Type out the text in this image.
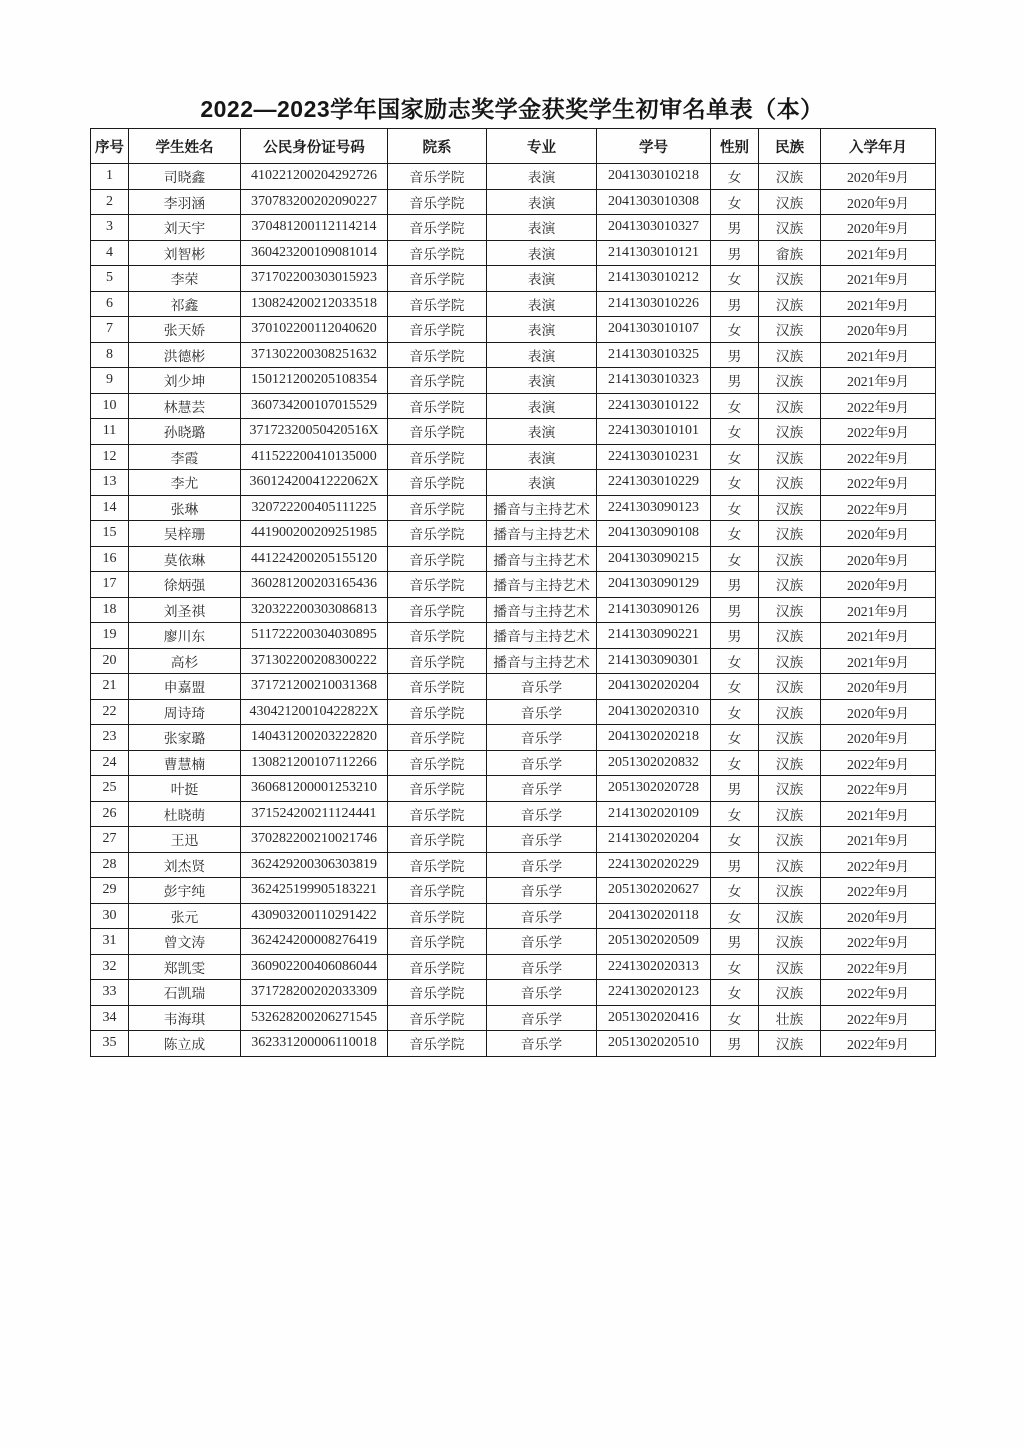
2022—2023学年国家励志奖学金获奖学生初审名单表（本）
序号	学生姓名	公民身份证号码	院系	专业	学号	性别	民族	入学年月
1	司晓鑫	410221200204292726	音乐学院	表演	2041303010218	女	汉族	2020年9月
2	李羽涵	370783200202090227	音乐学院	表演	2041303010308	女	汉族	2020年9月
3	刘天宇	370481200112114214	音乐学院	表演	2041303010327	男	汉族	2020年9月
4	刘智彬	360423200109081014	音乐学院	表演	2141303010121	男	畲族	2021年9月
5	李荣	371702200303015923	音乐学院	表演	2141303010212	女	汉族	2021年9月
6	祁鑫	130824200212033518	音乐学院	表演	2141303010226	男	汉族	2021年9月
7	张天娇	370102200112040620	音乐学院	表演	2041303010107	女	汉族	2020年9月
8	洪德彬	371302200308251632	音乐学院	表演	2141303010325	男	汉族	2021年9月
9	刘少坤	150121200205108354	音乐学院	表演	2141303010323	男	汉族	2021年9月
10	林慧芸	360734200107015529	音乐学院	表演	2241303010122	女	汉族	2022年9月
11	孙晓璐	37172320050420516X	音乐学院	表演	2241303010101	女	汉族	2022年9月
12	李霞	411522200410135000	音乐学院	表演	2241303010231	女	汉族	2022年9月
13	李尤	36012420041222062X	音乐学院	表演	2241303010229	女	汉族	2022年9月
14	张琳	320722200405111225	音乐学院	播音与主持艺术	2241303090123	女	汉族	2022年9月
15	吴梓珊	441900200209251985	音乐学院	播音与主持艺术	2041303090108	女	汉族	2020年9月
16	莫依琳	441224200205155120	音乐学院	播音与主持艺术	2041303090215	女	汉族	2020年9月
17	徐炳强	360281200203165436	音乐学院	播音与主持艺术	2041303090129	男	汉族	2020年9月
18	刘圣祺	320322200303086813	音乐学院	播音与主持艺术	2141303090126	男	汉族	2021年9月
19	廖川东	511722200304030895	音乐学院	播音与主持艺术	2141303090221	男	汉族	2021年9月
20	高杉	371302200208300222	音乐学院	播音与主持艺术	2141303090301	女	汉族	2021年9月
21	申嘉盟	371721200210031368	音乐学院	音乐学	2041302020204	女	汉族	2020年9月
22	周诗琦	43042120010422822X	音乐学院	音乐学	2041302020310	女	汉族	2020年9月
23	张家璐	140431200203222820	音乐学院	音乐学	2041302020218	女	汉族	2020年9月
24	曹慧楠	130821200107112266	音乐学院	音乐学	2051302020832	女	汉族	2022年9月
25	叶挺	360681200001253210	音乐学院	音乐学	2051302020728	男	汉族	2022年9月
26	杜晓萌	371524200211124441	音乐学院	音乐学	2141302020109	女	汉族	2021年9月
27	王迅	370282200210021746	音乐学院	音乐学	2141302020204	女	汉族	2021年9月
28	刘杰贤	362429200306303819	音乐学院	音乐学	2241302020229	男	汉族	2022年9月
29	彭宇纯	362425199905183221	音乐学院	音乐学	2051302020627	女	汉族	2022年9月
30	张元	430903200110291422	音乐学院	音乐学	2041302020118	女	汉族	2020年9月
31	曾文涛	362424200008276419	音乐学院	音乐学	2051302020509	男	汉族	2022年9月
32	郑凯雯	360902200406086044	音乐学院	音乐学	2241302020313	女	汉族	2022年9月
33	石凯瑞	371728200202033309	音乐学院	音乐学	2241302020123	女	汉族	2022年9月
34	韦海琪	532628200206271545	音乐学院	音乐学	2051302020416	女	壮族	2022年9月
35	陈立成	362331200006110018	音乐学院	音乐学	2051302020510	男	汉族	2022年9月
